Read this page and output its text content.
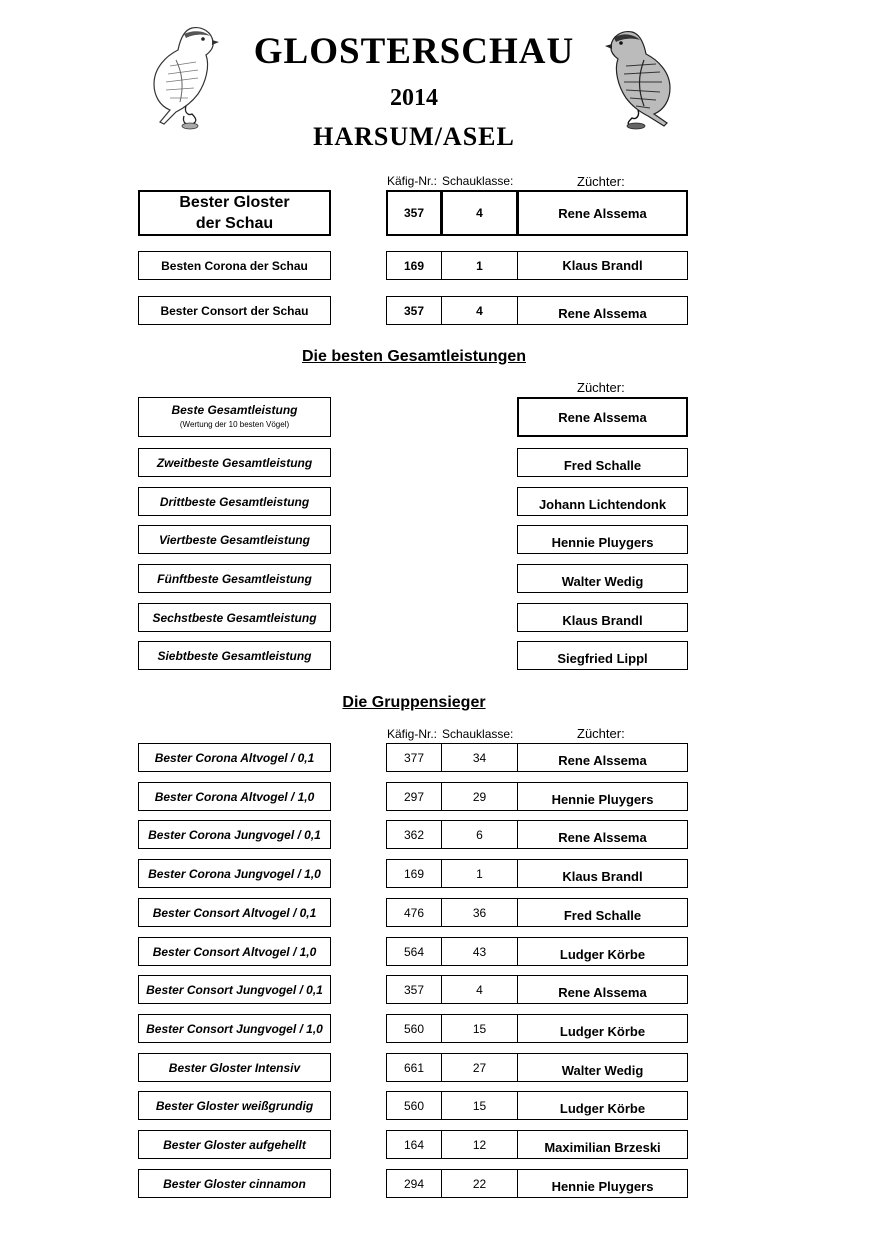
GLOSTERSCHAU
2014
HARSUM/ASEL
Käfig-Nr.: Schauklasse:	Züchter:
Bester Gloster
der Schau
357	4	Rene Alssema
Besten Corona der Schau	169	1	Klaus Brandl
Bester Consort der Schau	357	4	Rene Alssema
Die besten Gesamtleistungen
Züchter:
Beste Gesamtleistung
(Wertung der 10 besten Vögel)	Rene Alssema
Zweitbeste Gesamtleistung	Fred Schalle
Drittbeste Gesamtleistung	Johann Lichtendonk
Viertbeste Gesamtleistung	Hennie Pluygers
Fünftbeste Gesamtleistung	Walter Wedig
Sechstbeste Gesamtleistung	Klaus Brandl
Siebtbeste Gesamtleistung	Siegfried Lippl
Die Gruppensieger
Käfig-Nr.: Schauklasse:	Züchter:
Bester Corona Altvogel / 0,1	377	34	Rene Alssema
Bester Corona Altvogel / 1,0	297	29	Hennie Pluygers
Bester Corona Jungvogel / 0,1	362	6	Rene Alssema
Bester Corona Jungvogel / 1,0	169	1	Klaus Brandl
Bester Consort Altvogel / 0,1	476	36	Fred Schalle
Bester Consort Altvogel / 1,0	564	43	Ludger Körbe
Bester Consort Jungvogel / 0,1	357	4	Rene Alssema
Bester Consort Jungvogel / 1,0	560	15	Ludger Körbe
Bester Gloster Intensiv	661	27	Walter Wedig
Bester Gloster weißgrundig	560	15	Ludger Körbe
Bester Gloster aufgehellt	164	12	Maximilian Brzeski
Bester Gloster cinnamon	294	22	Hennie Pluygers
